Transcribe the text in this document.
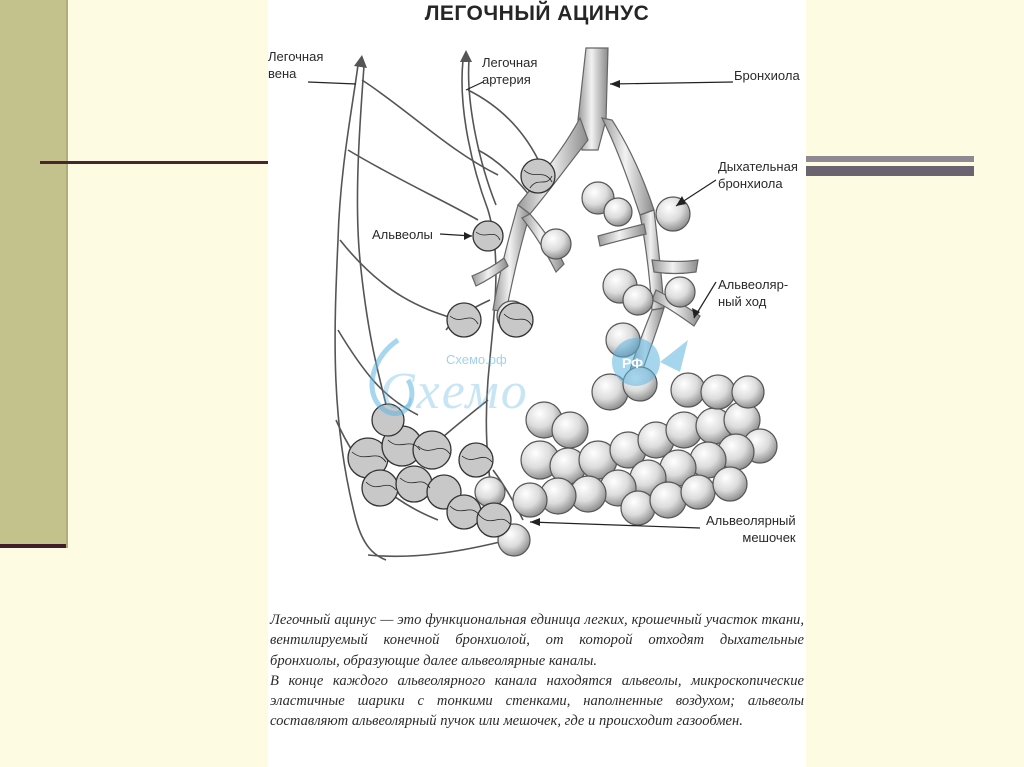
ЛЕГОЧНЫЙ АЦИНУС
Легочная
вена
Легочная
артерия	Бронхиола
Дыхательная
бронхиола
Альвеолы
Альвеоляр-
ный ход
Альвеолярный
мешочек
Схемо
Схемо.рф	РФ

Легочный ацинус — это функциональная единица легких, крошечный участок ткани, вентилируемый конечной бронхиолой, от которой отходят дыхательные бронхиолы, образующие далее альвеолярные каналы.

В конце каждого альвеолярного канала находятся альвеолы, микроскопические эластичные шарики с тонкими стенками, наполненные воздухом; альвеолы составляют альвеолярный пучок или мешочек, где и происходит газообмен.
